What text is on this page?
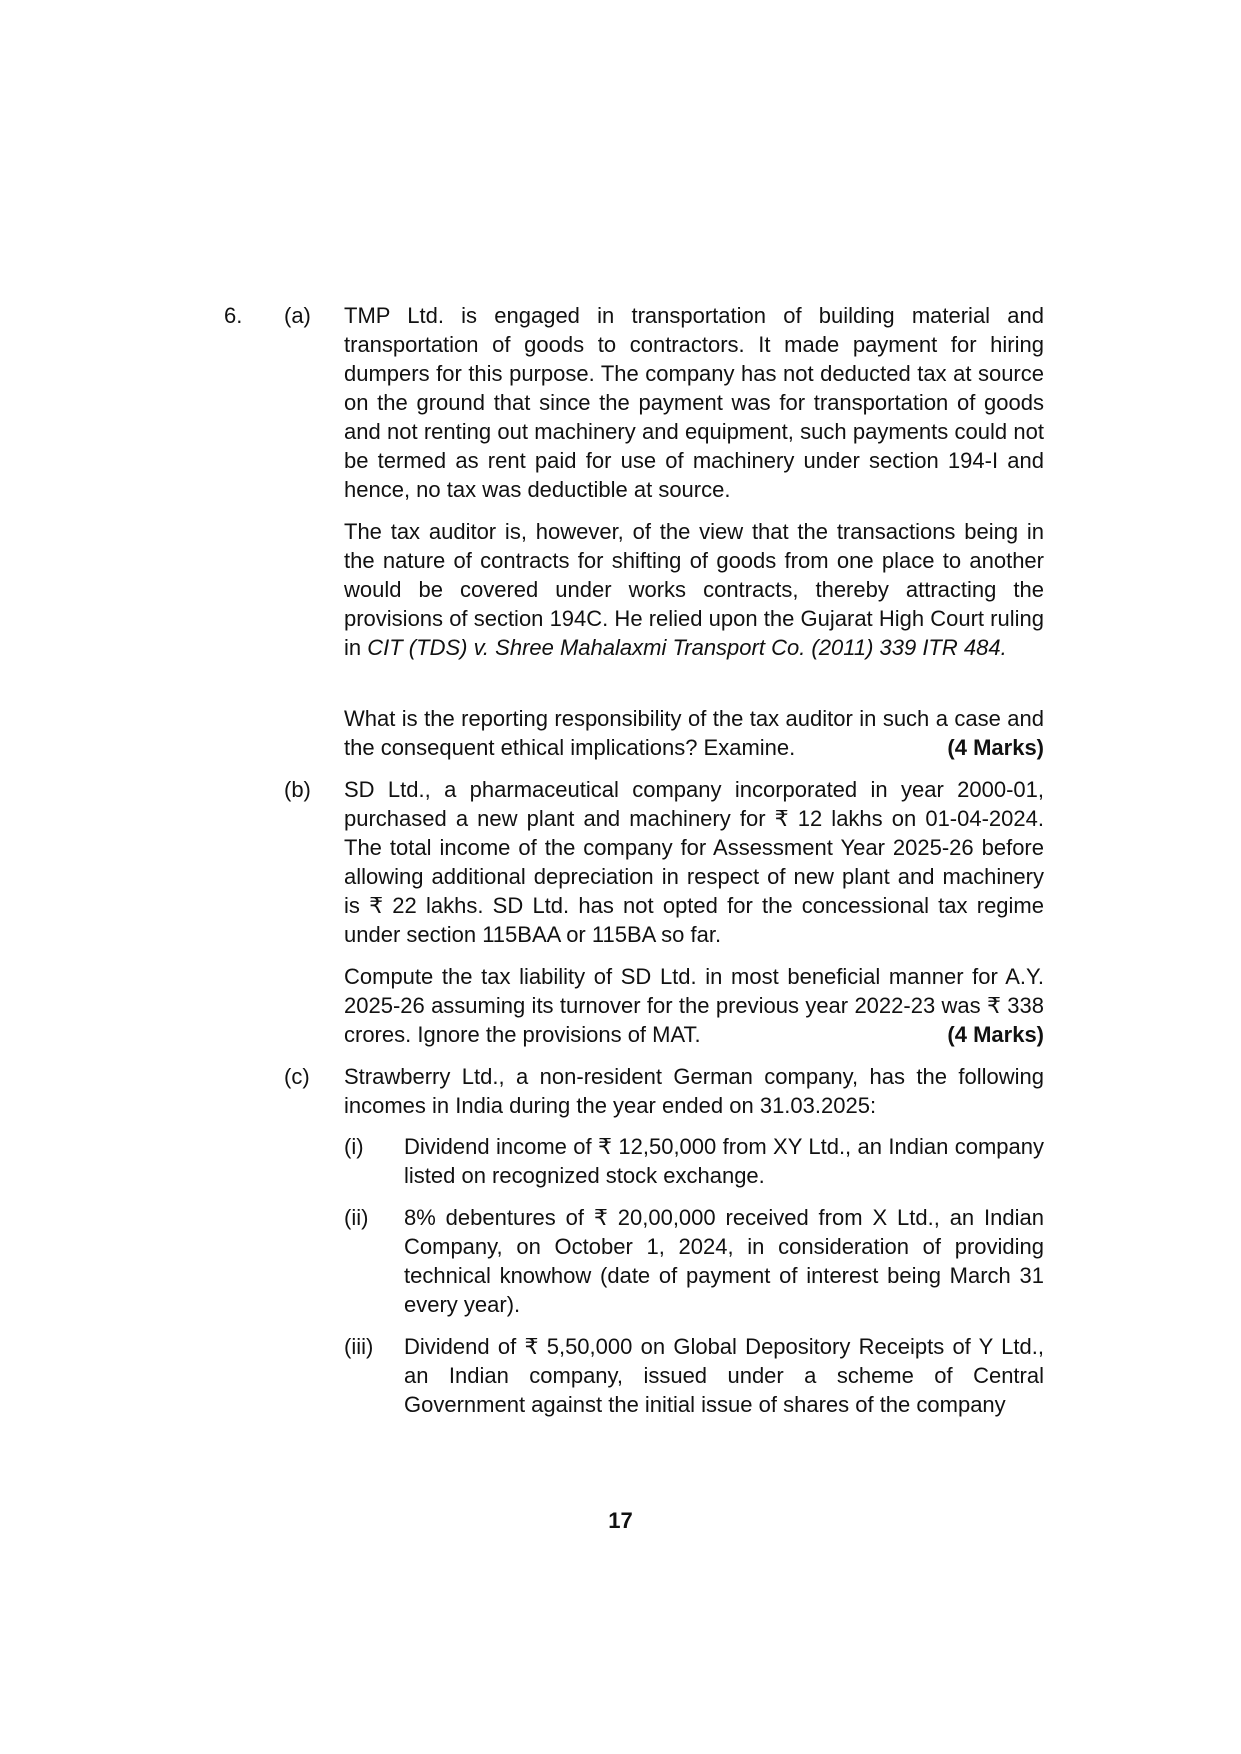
6. (a) TMP Ltd. is engaged in transportation of building material and transportation of goods to contractors. It made payment for hiring dumpers for this purpose. The company has not deducted tax at source on the ground that since the payment was for transportation of goods and not renting out machinery and equipment, such payments could not be termed as rent paid for use of machinery under section 194-I and hence, no tax was deductible at source.

The tax auditor is, however, of the view that the transactions being in the nature of contracts for shifting of goods from one place to another would be covered under works contracts, thereby attracting the provisions of section 194C. He relied upon the Gujarat High Court ruling in CIT (TDS) v. Shree Mahalaxmi Transport Co. (2011) 339 ITR 484.

What is the reporting responsibility of the tax auditor in such a case and the consequent ethical implications? Examine.	(4 Marks)

(b) SD Ltd., a pharmaceutical company incorporated in year 2000-01, purchased a new plant and machinery for ₹ 12 lakhs on 01-04-2024. The total income of the company for Assessment Year 2025-26 before allowing additional depreciation in respect of new plant and machinery is ₹ 22 lakhs. SD Ltd. has not opted for the concessional tax regime under section 115BAA or 115BA so far.

Compute the tax liability of SD Ltd. in most beneficial manner for A.Y. 2025-26 assuming its turnover for the previous year 2022-23 was ₹ 338 crores. Ignore the provisions of MAT.	(4 Marks)

(c) Strawberry Ltd., a non-resident German company, has the following incomes in India during the year ended on 31.03.2025:

(i) Dividend income of ₹ 12,50,000 from XY Ltd., an Indian company listed on recognized stock exchange.

(ii) 8% debentures of ₹ 20,00,000 received from X Ltd., an Indian Company, on October 1, 2024, in consideration of providing technical knowhow (date of payment of interest being March 31 every year).

(iii) Dividend of ₹ 5,50,000 on Global Depository Receipts of Y Ltd., an Indian company, issued under a scheme of Central Government against the initial issue of shares of the company

17
